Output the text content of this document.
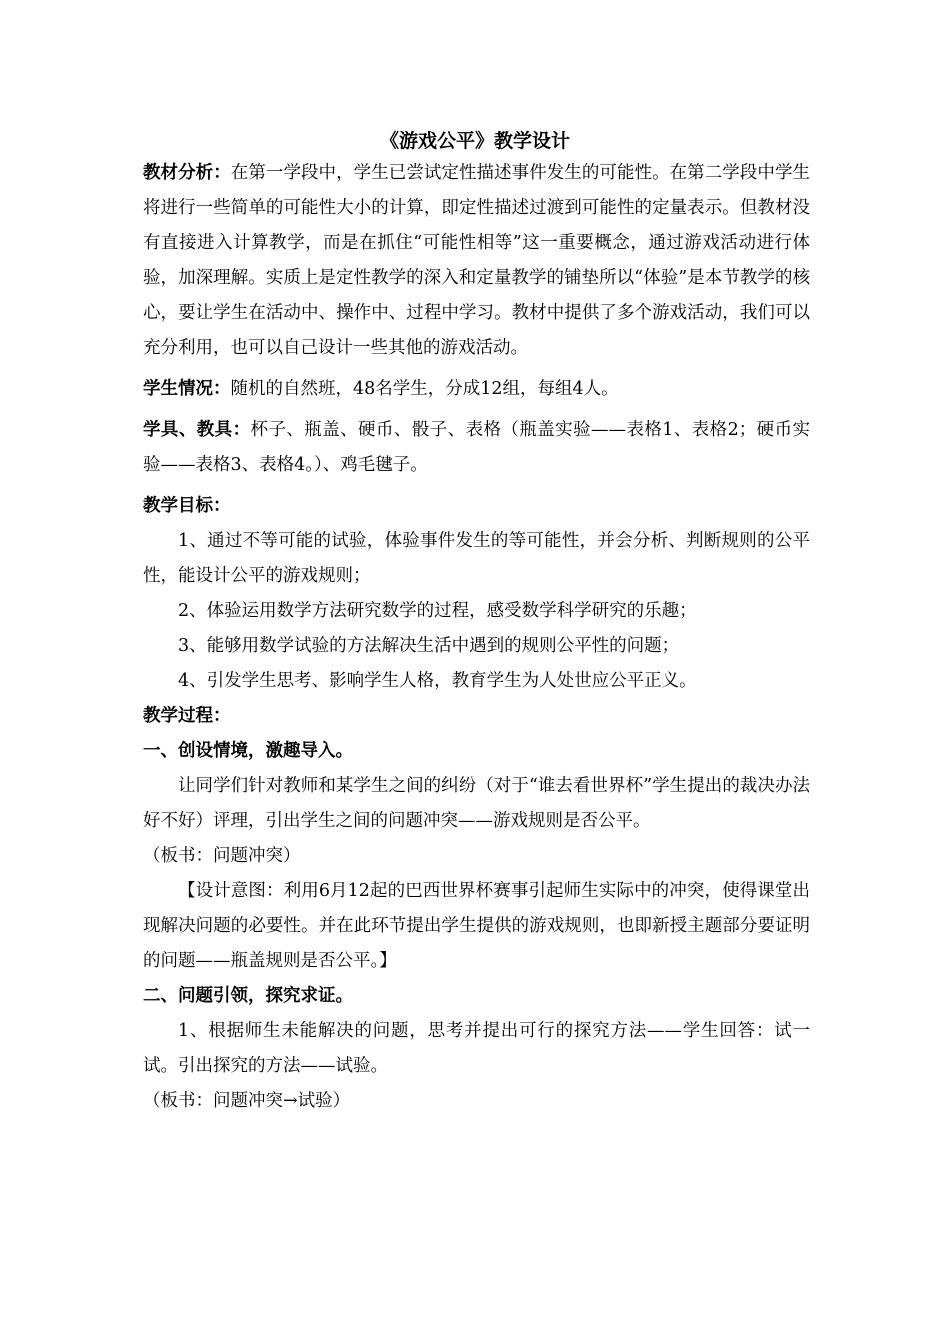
《游戏公平》教学设计

教材分析：在第一学段中，学生已尝试定性描述事件发生的可能性。在第二学段中学生将进行一些简单的可能性大小的计算，即定性描述过渡到可能性的定量表示。但教材没有直接进入计算教学，而是在抓住“可能性相等”这一重要概念，通过游戏活动进行体验，加深理解。实质上是定性教学的深入和定量教学的铺垫所以“体验”是本节教学的核心，要让学生在活动中、操作中、过程中学习。教材中提供了多个游戏活动，我们可以充分利用，也可以自己设计一些其他的游戏活动。

学生情况：随机的自然班，48名学生，分成12组，每组4人。

学具、教具：杯子、瓶盖、硬币、骰子、表格（瓶盖实验——表格1、表格2；硬币实验——表格3、表格4。）、鸡毛毽子。

教学目标：

1、通过不等可能的试验，体验事件发生的等可能性，并会分析、判断规则的公平性，能设计公平的游戏规则；

2、体验运用数学方法研究数学的过程，感受数学科学研究的乐趣；

3、能够用数学试验的方法解决生活中遇到的规则公平性的问题；

4、引发学生思考、影响学生人格，教育学生为人处世应公平正义。

教学过程：

一、创设情境，激趣导入。

让同学们针对教师和某学生之间的纠纷（对于“谁去看世界杯”学生提出的裁决办法好不好）评理，引出学生之间的问题冲突——游戏规则是否公平。

（板书：问题冲突）

【设计意图：利用6月12起的巴西世界杯赛事引起师生实际中的冲突，使得课堂出现解决问题的必要性。并在此环节提出学生提供的游戏规则，也即新授主题部分要证明的问题——瓶盖规则是否公平。】

二、问题引领，探究求证。

1、根据师生未能解决的问题，思考并提出可行的探究方法——学生回答：试一试。引出探究的方法——试验。

（板书：问题冲突→试验）
